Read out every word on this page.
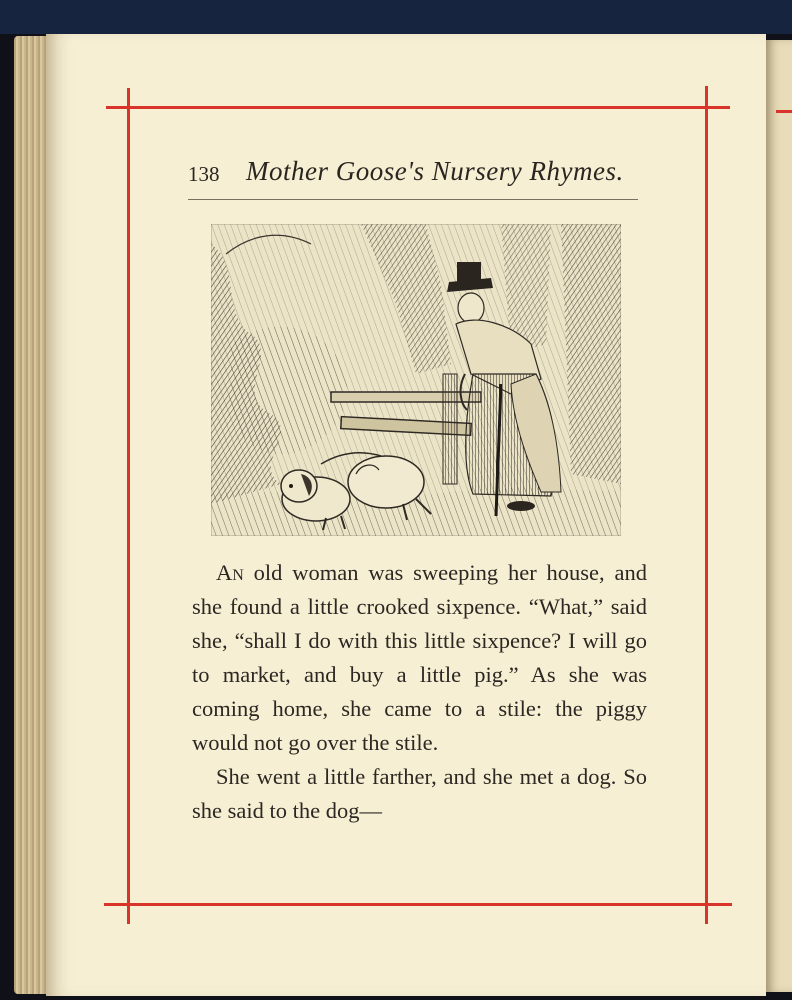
138 Mother Goose's Nursery Rhymes.

An old woman was sweeping her house, and she found a little crooked sixpence. “What,” said she, “shall I do with this little sixpence? I will go to market, and buy a little pig.” As she was coming home, she came to a stile: the piggy would not go over the stile.

She went a little farther, and she met a dog. So she said to the dog—
